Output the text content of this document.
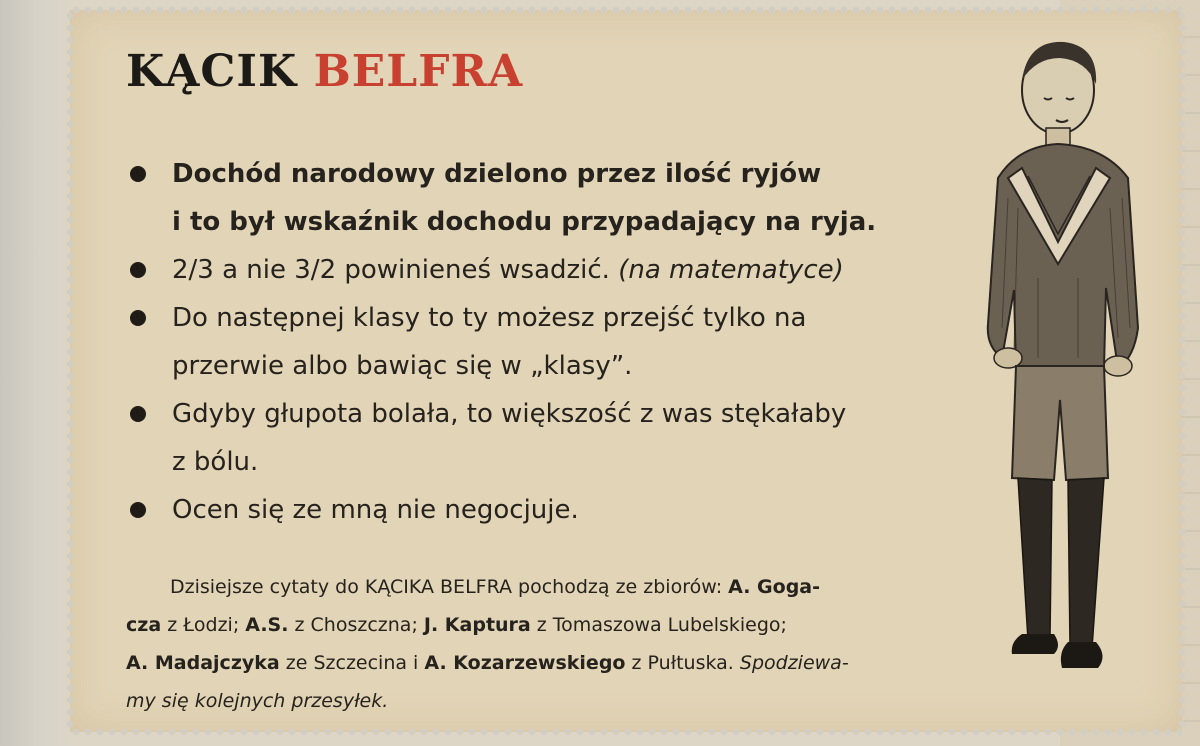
KĄCIK BELFRA
Dochód narodowy dzielono przez ilość ryjów
i to był wskaźnik dochodu przypadający na ryja.
2/3 a nie 3/2 powinieneś wsadzić. (na matematyce)
Do następnej klasy to ty możesz przejść tylko na
przerwie albo bawiąc się w „klasy”.
Gdyby głupota bolała, to większość z was stękałaby
z bólu.
Ocen się ze mną nie negocjuje.

Dzisiejsze cytaty do KĄCIKA BELFRA pochodzą ze zbiorów: A. Goga-

cza z Łodzi; A.S. z Choszczna; J. Kaptura z Tomaszowa Lubelskiego;

A. Madajczyka ze Szczecina i A. Kozarzewskiego z Pułtuska. Spodziewa-

my się kolejnych przesyłek.
